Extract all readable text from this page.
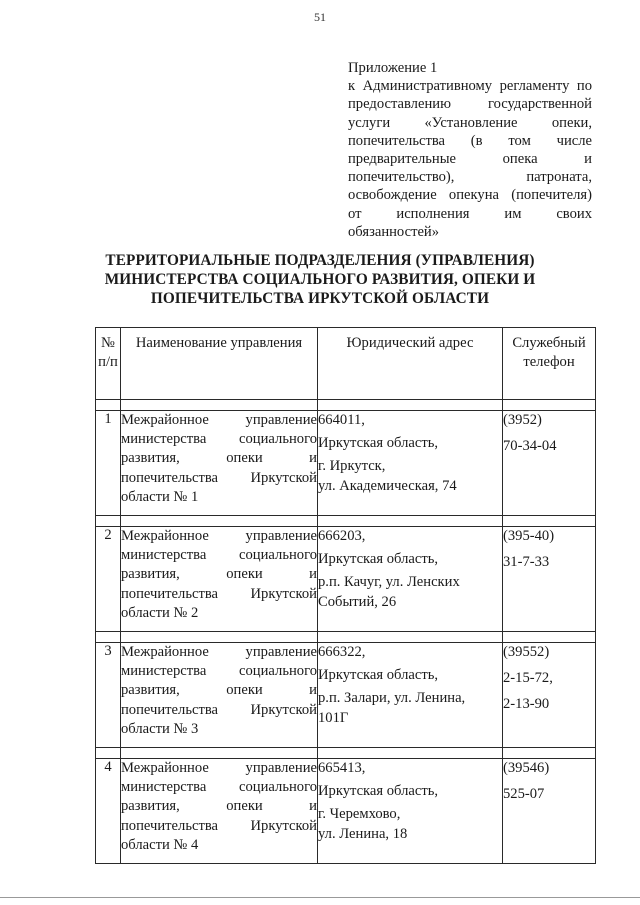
51
Приложение 1
к Административному регламенту по
предоставлению государственной
услуги «Установление опеки,
попечительства (в том числе
предварительные опека и
попечительство), патроната,
освобождение опекуна (попечителя)
от исполнения им своих
обязанностей»
ТЕРРИТОРИАЛЬНЫЕ ПОДРАЗДЕЛЕНИЯ (УПРАВЛЕНИЯ)
МИНИСТЕРСТВА СОЦИАЛЬНОГО РАЗВИТИЯ, ОПЕКИ И
ПОПЕЧИТЕЛЬСТВА ИРКУТСКОЙ ОБЛАСТИ
№
п/п	Наименование управления	Юридический адрес	Служебный
телефон

1	Межрайонное управление
министерства социального
развития, опеки и
попечительства Иркутской
области № 1	664011,
Иркутская область,
г. Иркутск,
ул. Академическая, 74	(3952)
70-34-04

2	Межрайонное управление
министерства социального
развития, опеки и
попечительства Иркутской
области № 2	666203,
Иркутская область,
р.п. Качуг, ул. Ленских
Событий, 26	(395-40)
31-7-33

3	Межрайонное управление
министерства социального
развития, опеки и
попечительства Иркутской
области № 3	666322,
Иркутская область,
р.п. Залари, ул. Ленина,
101Г	(39552)
2-15-72,
2-13-90

4	Межрайонное управление
министерства социального
развития, опеки и
попечительства Иркутской
области № 4	665413,
Иркутская область,
г. Черемхово,
ул. Ленина, 18	(39546)
525-07
